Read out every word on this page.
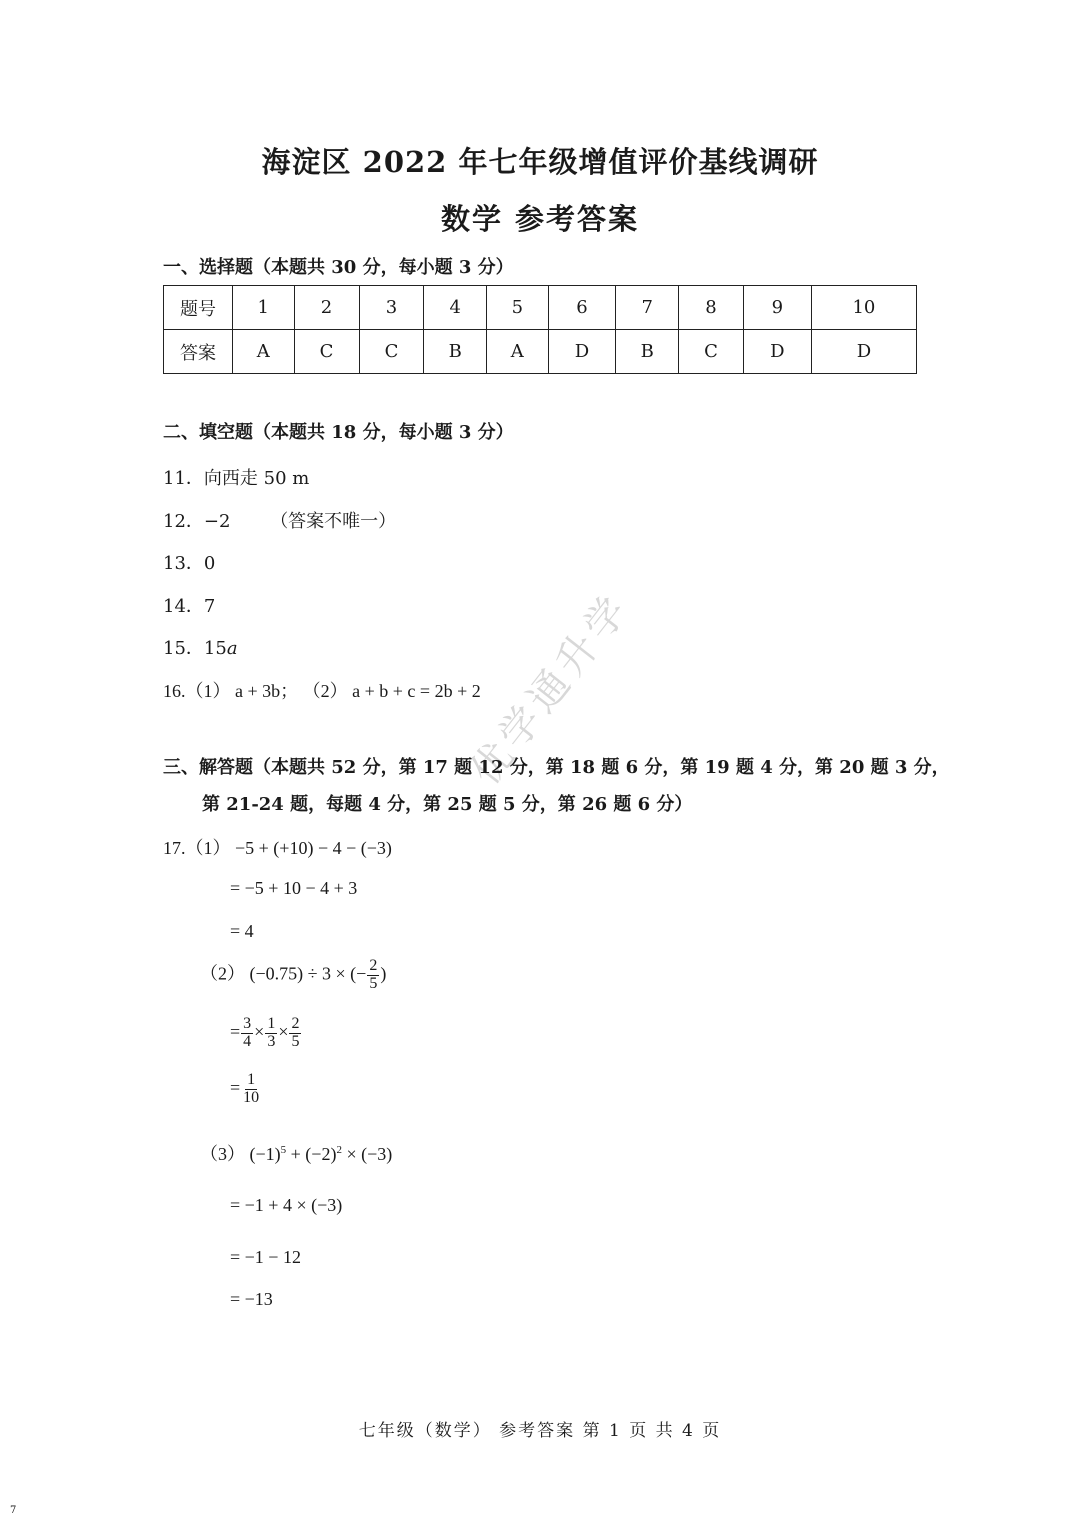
海淀区 2022 年七年级增值评价基线调研
数学 参考答案
一、选择题（本题共 30 分，每小题 3 分）
题号	1	2	3	4	5	6	7	8	9	10
答案	A	C	C	B	A	D	B	C	D	D
二、填空题（本题共 18 分，每小题 3 分）
11．向西走 50 m
12．−2 （答案不唯一）
13．0
14．7
15．15a
16.（1） a + 3b； （2） a + b + c = 2b + 2
优学通升学
三、解答题（本题共 52 分，第 17 题 12 分，第 18 题 6 分，第 19 题 4 分，第 20 题 3 分，
第 21-24 题，每题 4 分，第 25 题 5 分，第 26 题 6 分）
17.（1） −5 + (+10) − 4 − (−3)
= −5 + 10 − 4 + 3
= 4
（2） (−0.75) ÷ 3 × (− $\frac{2}{5}$ )
= $\frac{3}{4} \times \frac{1}{3} \times \frac{2}{5}$
= $\frac{1}{10}$
（3） $(-1)^5 + (-2)^2 \times (-3)$
= −1 + 4 × (−3)
= −1 − 12
= −13
七年级（数学） 参考答案 第 1 页 共 4 页
7
